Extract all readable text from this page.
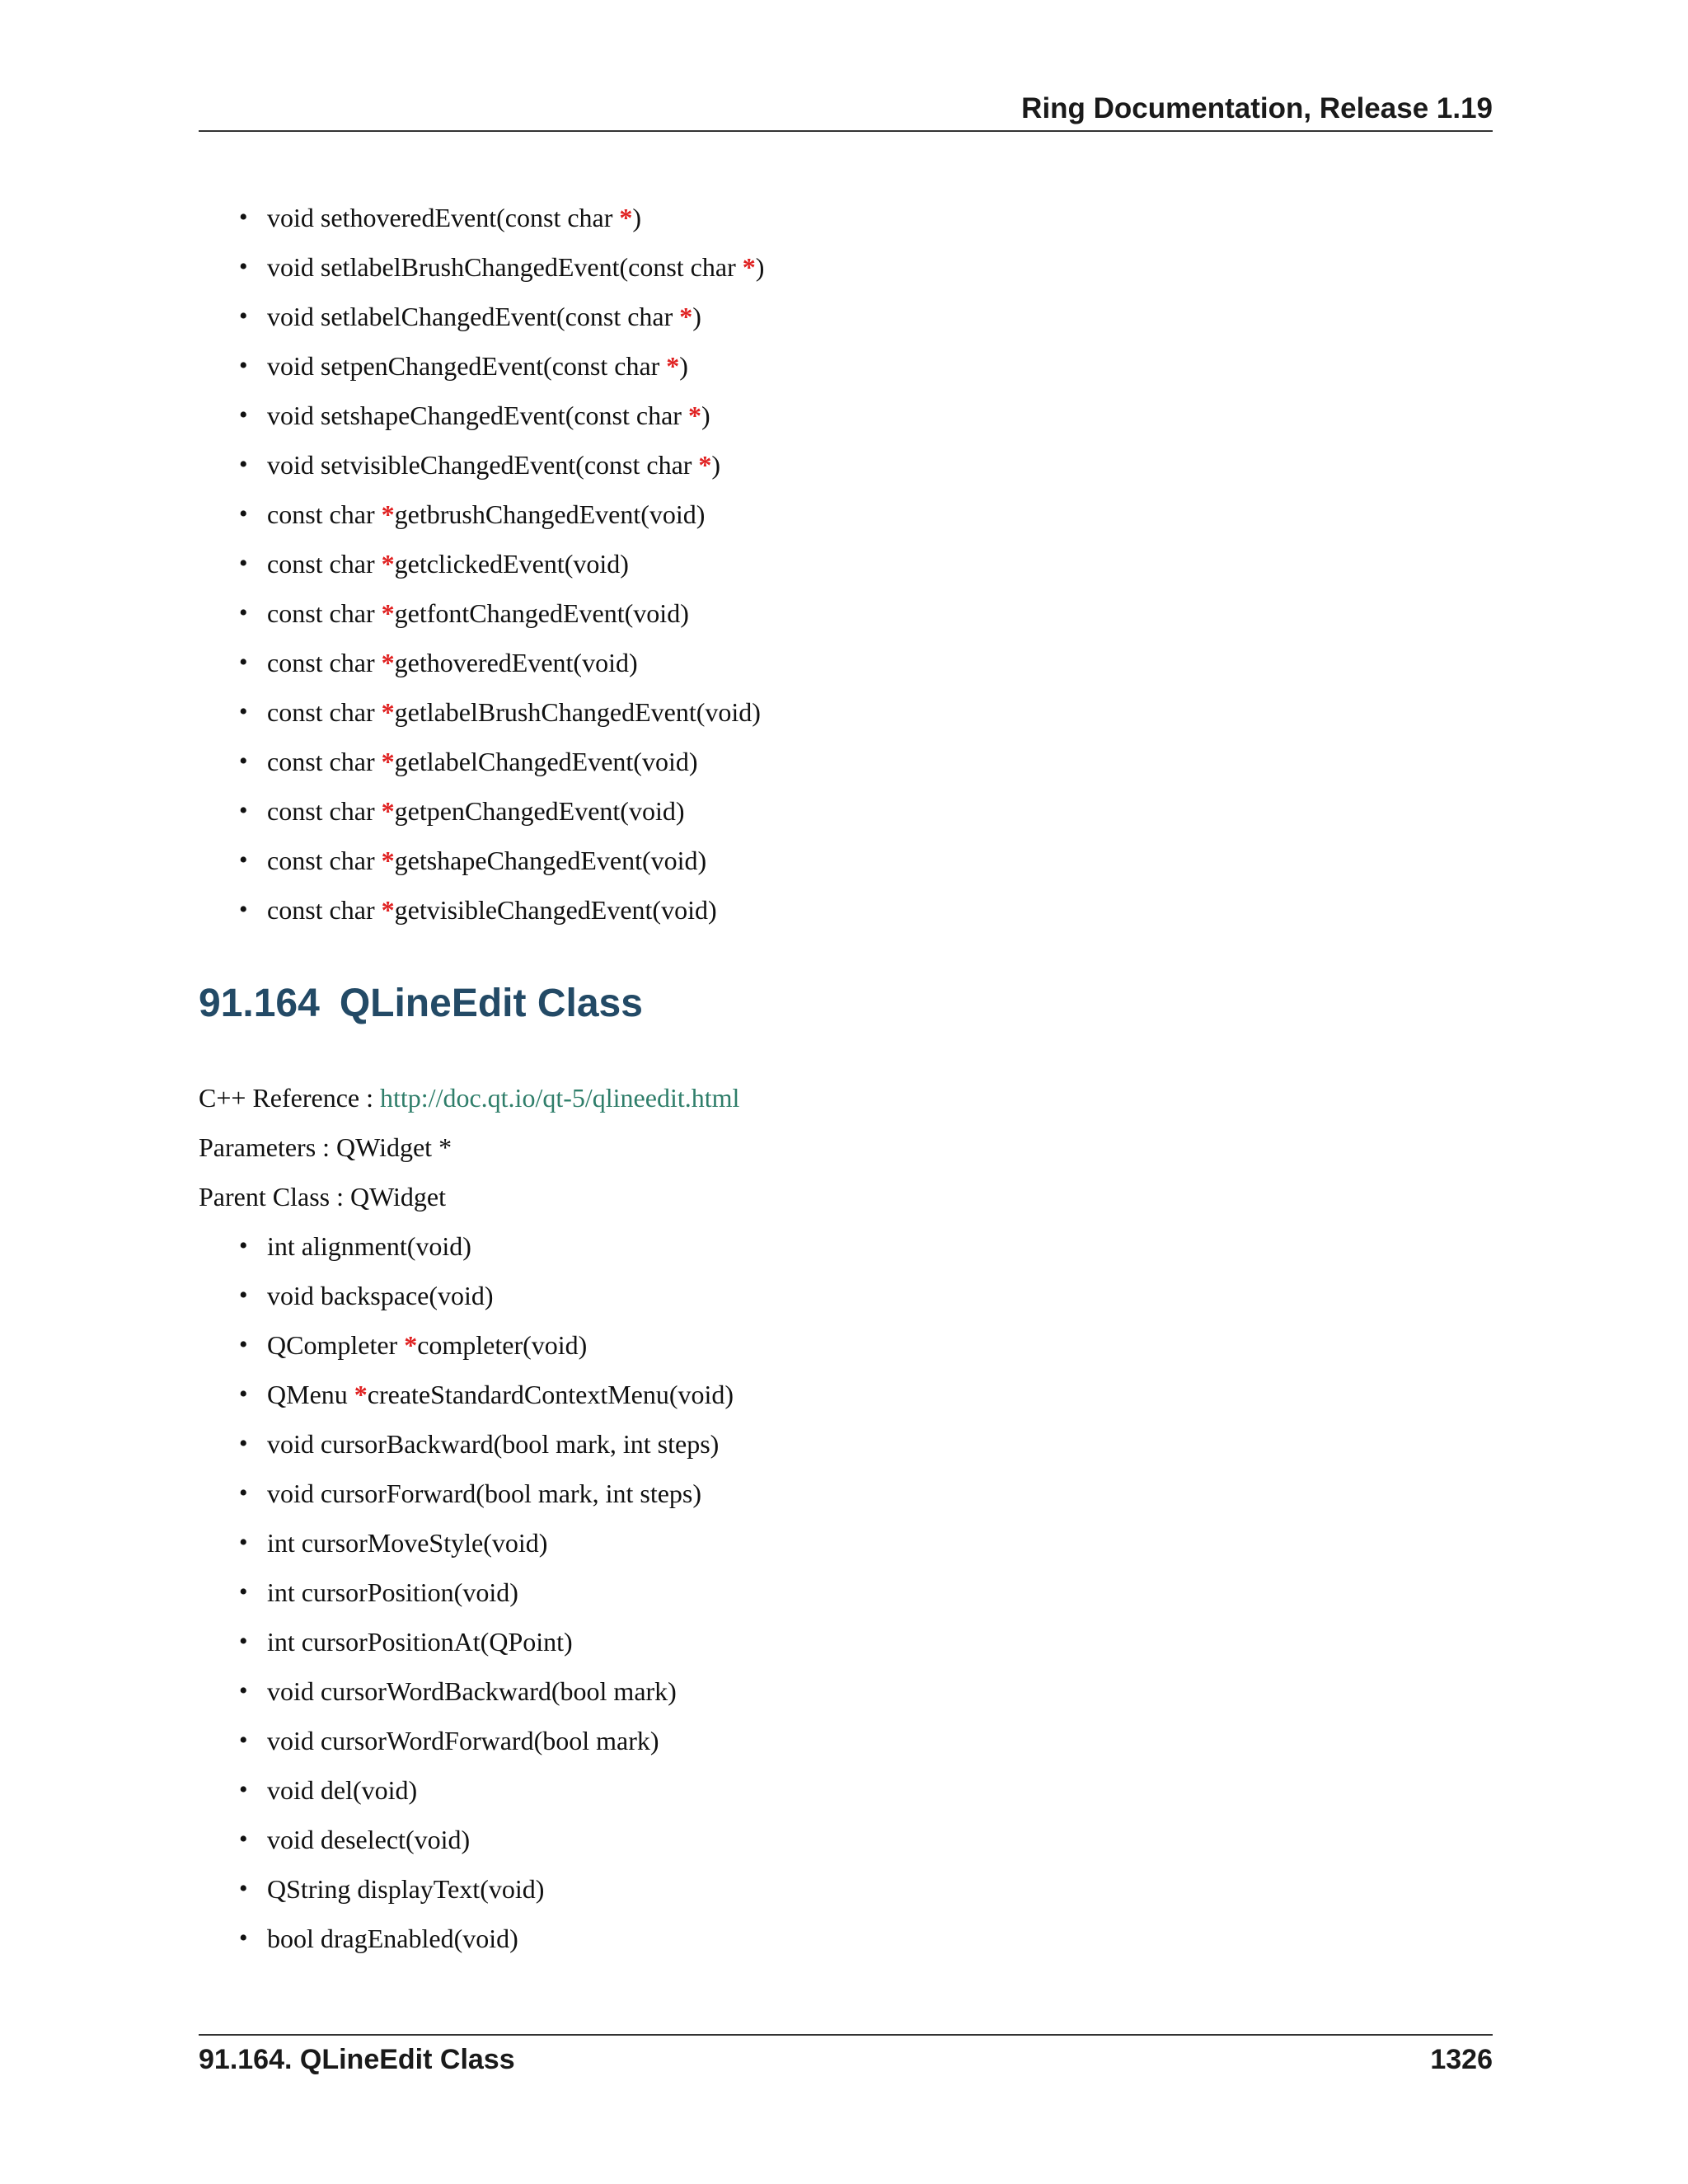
Ring Documentation, Release 1.19
• void sethoveredEvent(const char *)
• void setlabelBrushChangedEvent(const char *)
• void setlabelChangedEvent(const char *)
• void setpenChangedEvent(const char *)
• void setshapeChangedEvent(const char *)
• void setvisibleChangedEvent(const char *)
• const char *getbrushChangedEvent(void)
• const char *getclickedEvent(void)
• const char *getfontChangedEvent(void)
• const char *gethoveredEvent(void)
• const char *getlabelBrushChangedEvent(void)
• const char *getlabelChangedEvent(void)
• const char *getpenChangedEvent(void)
• const char *getshapeChangedEvent(void)
• const char *getvisibleChangedEvent(void)
91.164 QLineEdit Class
C++ Reference : http://doc.qt.io/qt-5/qlineedit.html
Parameters : QWidget *
Parent Class : QWidget
• int alignment(void)
• void backspace(void)
• QCompleter *completer(void)
• QMenu *createStandardContextMenu(void)
• void cursorBackward(bool mark, int steps)
• void cursorForward(bool mark, int steps)
• int cursorMoveStyle(void)
• int cursorPosition(void)
• int cursorPositionAt(QPoint)
• void cursorWordBackward(bool mark)
• void cursorWordForward(bool mark)
• void del(void)
• void deselect(void)
• QString displayText(void)
• bool dragEnabled(void)
91.164. QLineEdit Class	1326
